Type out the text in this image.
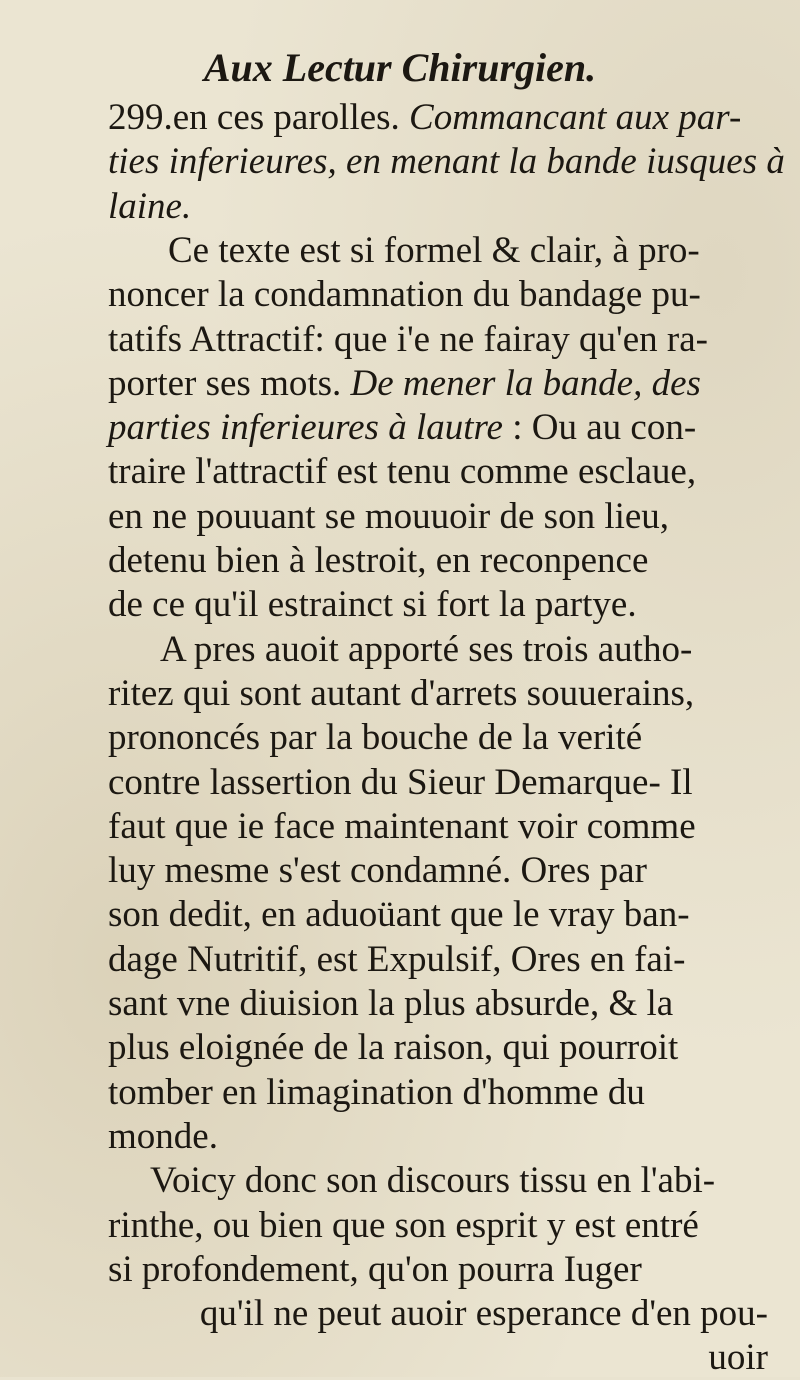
Aux Lectur Chirurgien.
299.en ces parolles. Commancant aux par-
ties inferieures, en menant la bande iusques à
laine.
Ce texte est si formel & clair, à pro-
noncer la condamnation du bandage pu-
tatifs Attractif: que i'e ne fairay qu'en ra-
porter ses mots. De mener la bande, des
parties inferieures à lautre : Ou au con-
traire l'attractif est tenu comme esclaue,
en ne pouuant se mouuoir de son lieu,
detenu bien à lestroit, en reconpence
de ce qu'il estrainct si fort la partye.
A pres auoit apporté ses trois autho-
ritez qui sont autant d'arrets souuerains,
prononcés par la bouche de la verité
contre lassertion du Sieur Demarque- Il
faut que ie face maintenant voir comme
luy mesme s'est condamné. Ores par
son dedit, en aduoüant que le vray ban-
dage Nutritif, est Expulsif, Ores en fai-
sant vne diuision la plus absurde, & la
plus eloignée de la raison, qui pourroit
tomber en limagination d'homme du
monde.
Voicy donc son discours tissu en l'abi-
rinthe, ou bien que son esprit y est entré
si profondement, qu'on pourra Iuger
qu'il ne peut auoir esperance d'en pou-
uoir
